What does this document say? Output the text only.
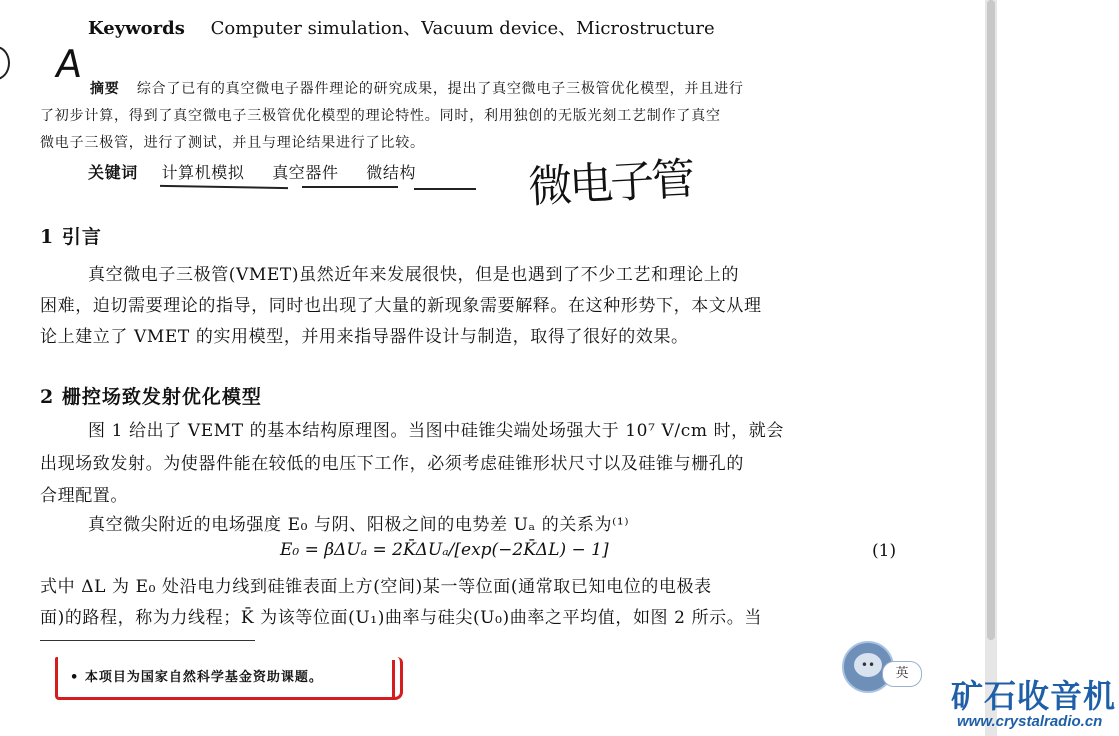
Keywords Computer simulation、Vacuum device、Microstructure
A
摘要 综合了已有的真空微电子器件理论的研究成果，提出了真空微电子三极管优化模型，并且进行
了初步计算，得到了真空微电子三极管优化模型的理论特性。同时，利用独创的无版光刻工艺制作了真空
微电子三极管，进行了测试，并且与理论结果进行了比较。
关键词 计算机模拟 真空器件 微结构	微电子管
1 引言
真空微电子三极管(VMET)虽然近年来发展很快，但是也遇到了不少工艺和理论上的
困难，迫切需要理论的指导，同时也出现了大量的新现象需要解释。在这种形势下，本文从理
论上建立了 VMET 的实用模型，并用来指导器件设计与制造，取得了很好的效果。
2 栅控场致发射优化模型
图 1 给出了 VEMT 的基本结构原理图。当图中硅锥尖端处场强大于 10⁷ V/cm 时，就会
出现场致发射。为使器件能在较低的电压下工作，必须考虑硅锥形状尺寸以及硅锥与栅孔的
合理配置。
真空微尖附近的电场强度 E₀ 与阴、阳极之间的电势差 Uₐ 的关系为⁽¹⁾
E₀ = βΔUₐ = 2K̄ΔUₐ/[exp(−2K̄ΔL) − 1]	(1)
式中 ΔL 为 E₀ 处沿电力线到硅锥表面上方(空间)某一等位面(通常取已知电位的电极表
面)的路程，称为力线程；K̄ 为该等位面(U₁)曲率与硅尖(U₀)曲率之平均值，如图 2 所示。当
• 本项目为国家自然科学基金资助课题。
••
英
矿石收音机
www.crystalradio.cn
